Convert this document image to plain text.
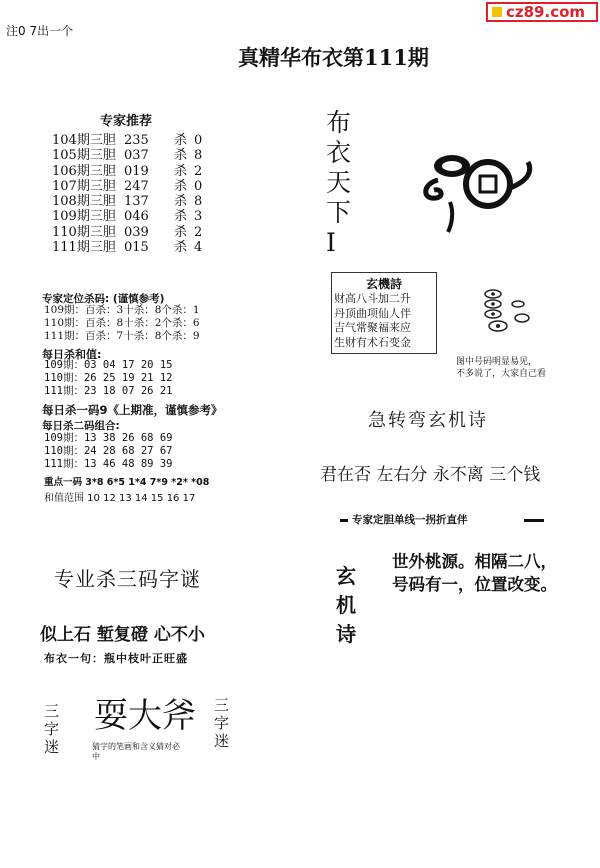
cz89.com
注0 7出一个
真精华布衣第111期
专家推荐
104期三胆 235 杀 0
105期三胆 037 杀 8
106期三胆 019 杀 2
107期三胆 247 杀 0
108期三胆 137 杀 8
109期三胆 046 杀 3
110期三胆 039 杀 2
111期三胆 015 杀 4
专家定位杀码: (谨慎参考)
109期：百杀：3十杀：8个杀：1
110期：百杀：8十杀：2个杀：6
111期：百杀：7十杀：8个杀：9
每日杀和值:
109期：03 04 17 20 15
110期：26 25 19 21 12
111期：23 18 07 26 21
每日杀一码9《上期准，谨慎参考》
每日杀二码组合:
109期：13 38 26 68 69
110期：24 28 68 27 67
111期：13 46 48 89 39
重点一码 3*8 6*5 1*4 7*9 *2* *08
和值范围 10 12 13 14 15 16 17
专业杀三码字谜
似上石 堑复磴 心不小
布衣一句：瓶中枝叶正旺盛
三字迷
耍大斧 三字迷
猜字的笔画和含义猜对必中
布衣天下I
玄機詩
财高八斗加二升
丹顶曲项仙人伴
吉气常聚福来应
生财有术石变金
图中号码明显易见，
不多说了，大家自己看
急转弯玄机诗
君在否 左右分 永不离 三个钱
专家定胆单线一拐折直伴
玄机诗
世外桃源。相隔二八，
号码有一，位置改变。
